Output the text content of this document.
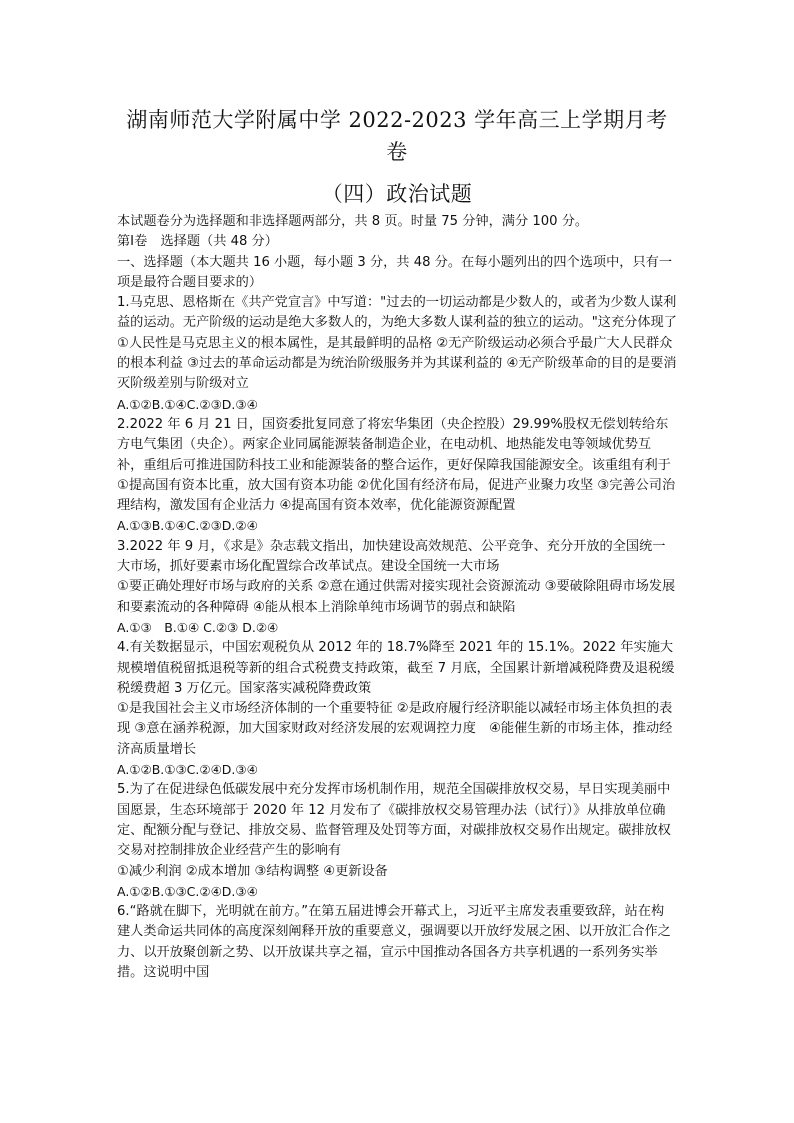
湖南师范大学附属中学 2022-2023 学年高三上学期月考卷

（四）政治试题

本试题卷分为选择题和非选择题两部分，共 8 页。时量 75 分钟，满分 100 分。

第Ⅰ卷　选择题（共 48 分）

一、选择题（本大题共 16 小题，每小题 3 分，共 48 分。在每小题列出的四个选项中，只有一项是最符合题目要求的）

1.马克思、恩格斯在《共产党宣言》中写道："过去的一切运动都是少数人的，或者为少数人谋利益的运动。无产阶级的运动是绝大多数人的，为绝大多数人谋利益的独立的运动。"这充分体现了

①人民性是马克思主义的根本属性，是其最鲜明的品格 ②无产阶级运动必须合乎最广大人民群众的根本利益 ③过去的革命运动都是为统治阶级服务并为其谋利益的 ④无产阶级革命的目的是要消灭阶级差别与阶级对立

A.①②B.①④C.②③D.③④

2.2022 年 6 月 21 日，国资委批复同意了将宏华集团（央企控股）29.99%股权无偿划转给东方电气集团（央企）。两家企业同属能源装备制造企业，在电动机、地热能发电等领域优势互补，重组后可推进国防科技工业和能源装备的整合运作，更好保障我国能源安全。该重组有利于

①提高国有资本比重，放大国有资本功能 ②优化国有经济布局，促进产业聚力攻坚 ③完善公司治理结构，激发国有企业活力 ④提高国有资本效率，优化能源资源配置

A.①③B.①④C.②③D.②④

3.2022 年 9 月，《求是》杂志载文指出，加快建设高效规范、公平竞争、充分开放的全国统一大市场，抓好要素市场化配置综合改革试点。建设全国统一大市场

①要正确处理好市场与政府的关系 ②意在通过供需对接实现社会资源流动 ③要破除阻碍市场发展和要素流动的各种障碍 ④能从根本上消除单纯市场调节的弱点和缺陷

A.①③　B.①④ C.②③ D.②④

4.有关数据显示，中国宏观税负从 2012 年的 18.7%降至 2021 年的 15.1%。2022 年实施大规模增值税留抵退税等新的组合式税费支持政策，截至 7 月底，全国累计新增减税降费及退税缓税缓费超 3 万亿元。国家落实减税降费政策

①是我国社会主义市场经济体制的一个重要特征 ②是政府履行经济职能以减轻市场主体负担的表现 ③意在涵养税源，加大国家财政对经济发展的宏观调控力度　④能催生新的市场主体，推动经济高质量增长

A.①②B.①③C.②④D.③④

5.为了在促进绿色低碳发展中充分发挥市场机制作用，规范全国碳排放权交易，早日实现美丽中国愿景，生态环境部于 2020 年 12 月发布了《碳排放权交易管理办法（试行）》从排放单位确定、配额分配与登记、排放交易、监督管理及处罚等方面，对碳排放权交易作出规定。碳排放权交易对控制排放企业经营产生的影响有

①减少利润 ②成本增加 ③结构调整 ④更新设备

A.①②B.①③C.②④D.③④

6.“路就在脚下，光明就在前方。”在第五届进博会开幕式上，习近平主席发表重要致辞，站在构建人类命运共同体的高度深刻阐释开放的重要意义，强调要以开放纾发展之困、以开放汇合作之力、以开放聚创新之势、以开放谋共享之福，宣示中国推动各国各方共享机遇的一系列务实举措。这说明中国
